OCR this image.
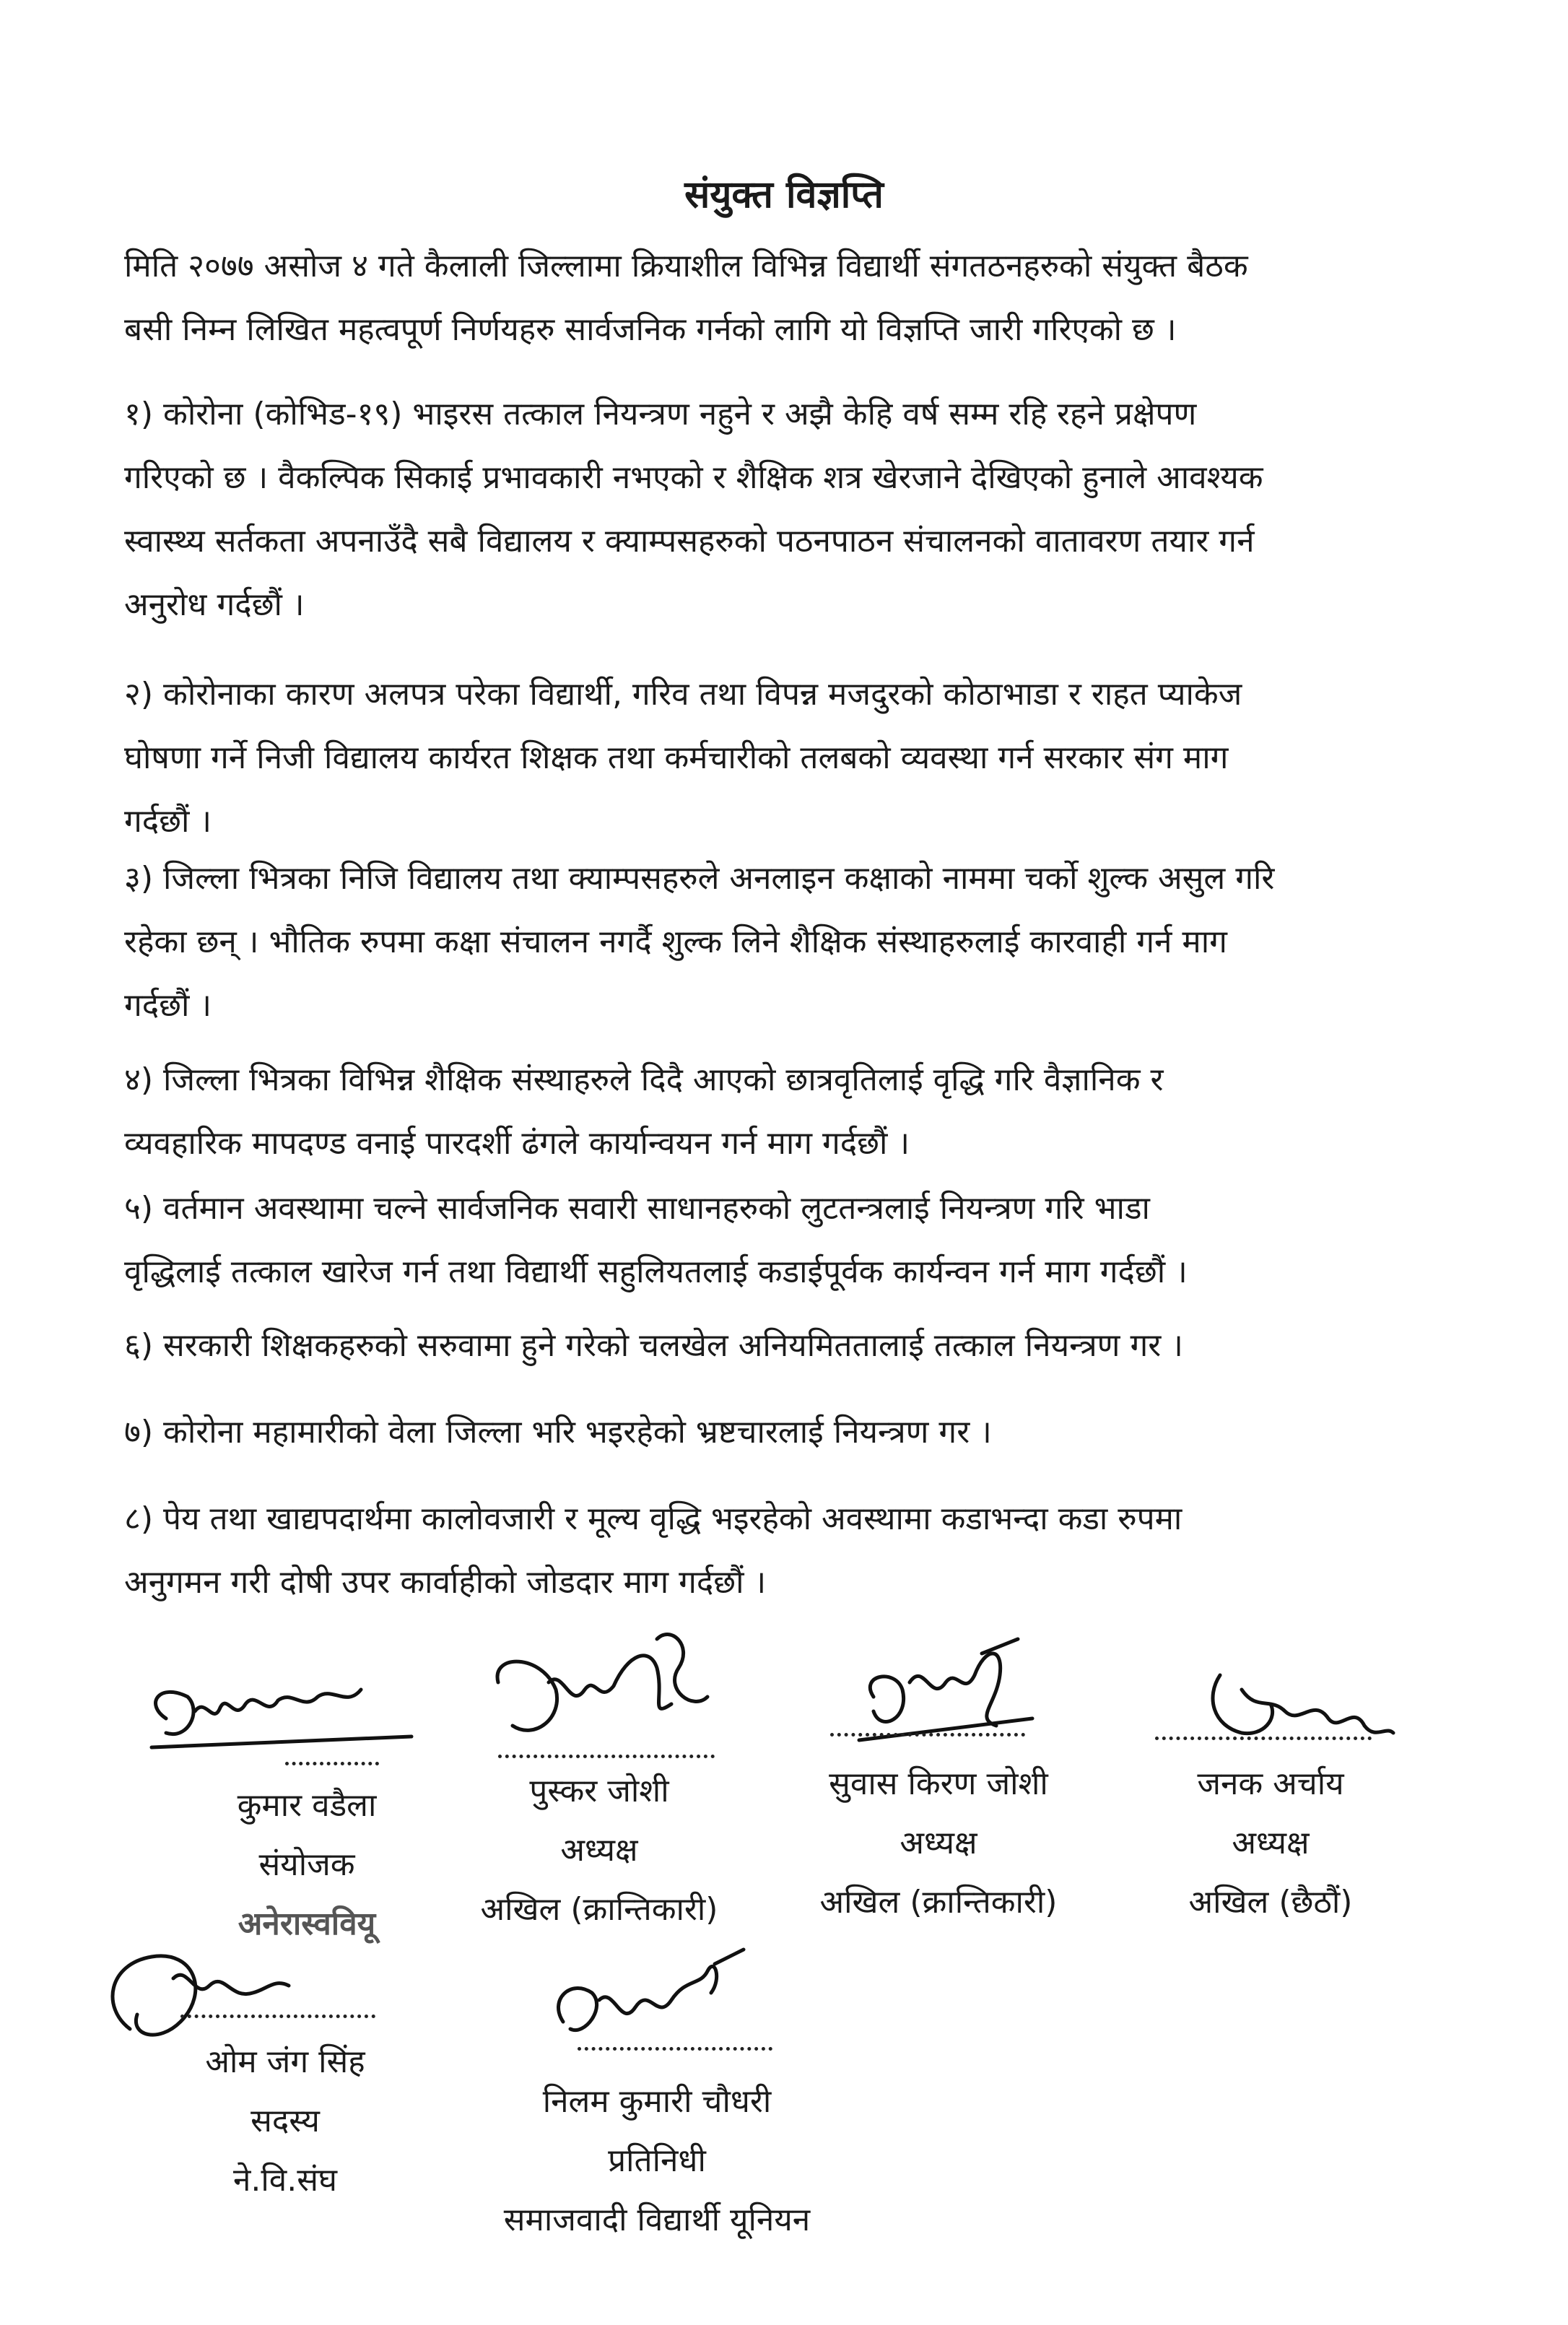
संयुक्त विज्ञप्ति
मिति २०७७ असोज ४ गते कैलाली जिल्लामा क्रियाशील विभिन्न विद्यार्थी संगतठनहरुको संयुक्त बैठक
बसी निम्न लिखित महत्वपूर्ण निर्णयहरु सार्वजनिक गर्नको लागि यो विज्ञप्ति जारी गरिएको छ ।
१) कोरोना (कोभिड-१९) भाइरस तत्काल नियन्त्रण नहुने र अझै केहि वर्ष सम्म रहि रहने प्रक्षेपण
गरिएको छ । वैकल्पिक सिकाई प्रभावकारी नभएको र शैक्षिक शत्र खेरजाने देखिएको हुनाले आवश्यक
स्वास्थ्य सर्तकता अपनाउँदै सबै विद्यालय र क्याम्पसहरुको पठनपाठन संचालनको वातावरण तयार गर्न
अनुरोध गर्दछौं ।
२) कोरोनाका कारण अलपत्र परेका विद्यार्थी, गरिव तथा विपन्न मजदुरको कोठाभाडा र राहत प्याकेज
घोषणा गर्ने निजी विद्यालय कार्यरत शिक्षक तथा कर्मचारीको तलबको व्यवस्था गर्न सरकार संग माग
गर्दछौं ।
३) जिल्ला भित्रका निजि विद्यालय तथा क्याम्पसहरुले अनलाइन कक्षाको नाममा चर्को शुल्क असुल गरि
रहेका छन् । भौतिक रुपमा कक्षा संचालन नगर्दै शुल्क लिने शैक्षिक संस्थाहरुलाई कारवाही गर्न माग
गर्दछौं ।
४) जिल्ला भित्रका विभिन्न शैक्षिक संस्थाहरुले दिदै आएको छात्रवृतिलाई वृद्धि गरि वैज्ञानिक र
व्यवहारिक मापदण्ड वनाई पारदर्शी ढंगले कार्यान्वयन गर्न माग गर्दछौं ।
५) वर्तमान अवस्थामा चल्ने सार्वजनिक सवारी साधानहरुको लुटतन्त्रलाई नियन्त्रण गरि भाडा
वृद्धिलाई तत्काल खारेज गर्न तथा विद्यार्थी सहुलियतलाई कडाईपूर्वक कार्यन्वन गर्न माग गर्दछौं ।
६) सरकारी शिक्षकहरुको सरुवामा हुने गरेको चलखेल अनियमिततालाई तत्काल नियन्त्रण गर ।
७) कोरोना महामारीको वेला जिल्ला भरि भइरहेको भ्रष्टचारलाई नियन्त्रण गर ।
८) पेय तथा खाद्यपदार्थमा कालोवजारी र मूल्य वृद्धि भइरहेको अवस्थामा कडाभन्दा कडा रुपमा
अनुगमन गरी दोषी उपर कार्वाहीको जोडदार माग गर्दछौं ।
कुमार वडैला
संयोजक
अनेरास्ववियू
पुस्कर जोशी
अध्यक्ष
अखिल (क्रान्तिकारी)
सुवास किरण जोशी
अध्यक्ष
अखिल (क्रान्तिकारी)
जनक अर्चाय
अध्यक्ष
अखिल (छैठौं)
ओम जंग सिंह
सदस्य
ने.वि.संघ
निलम कुमारी चौधरी
प्रतिनिधी
समाजवादी विद्यार्थी यूनियन
